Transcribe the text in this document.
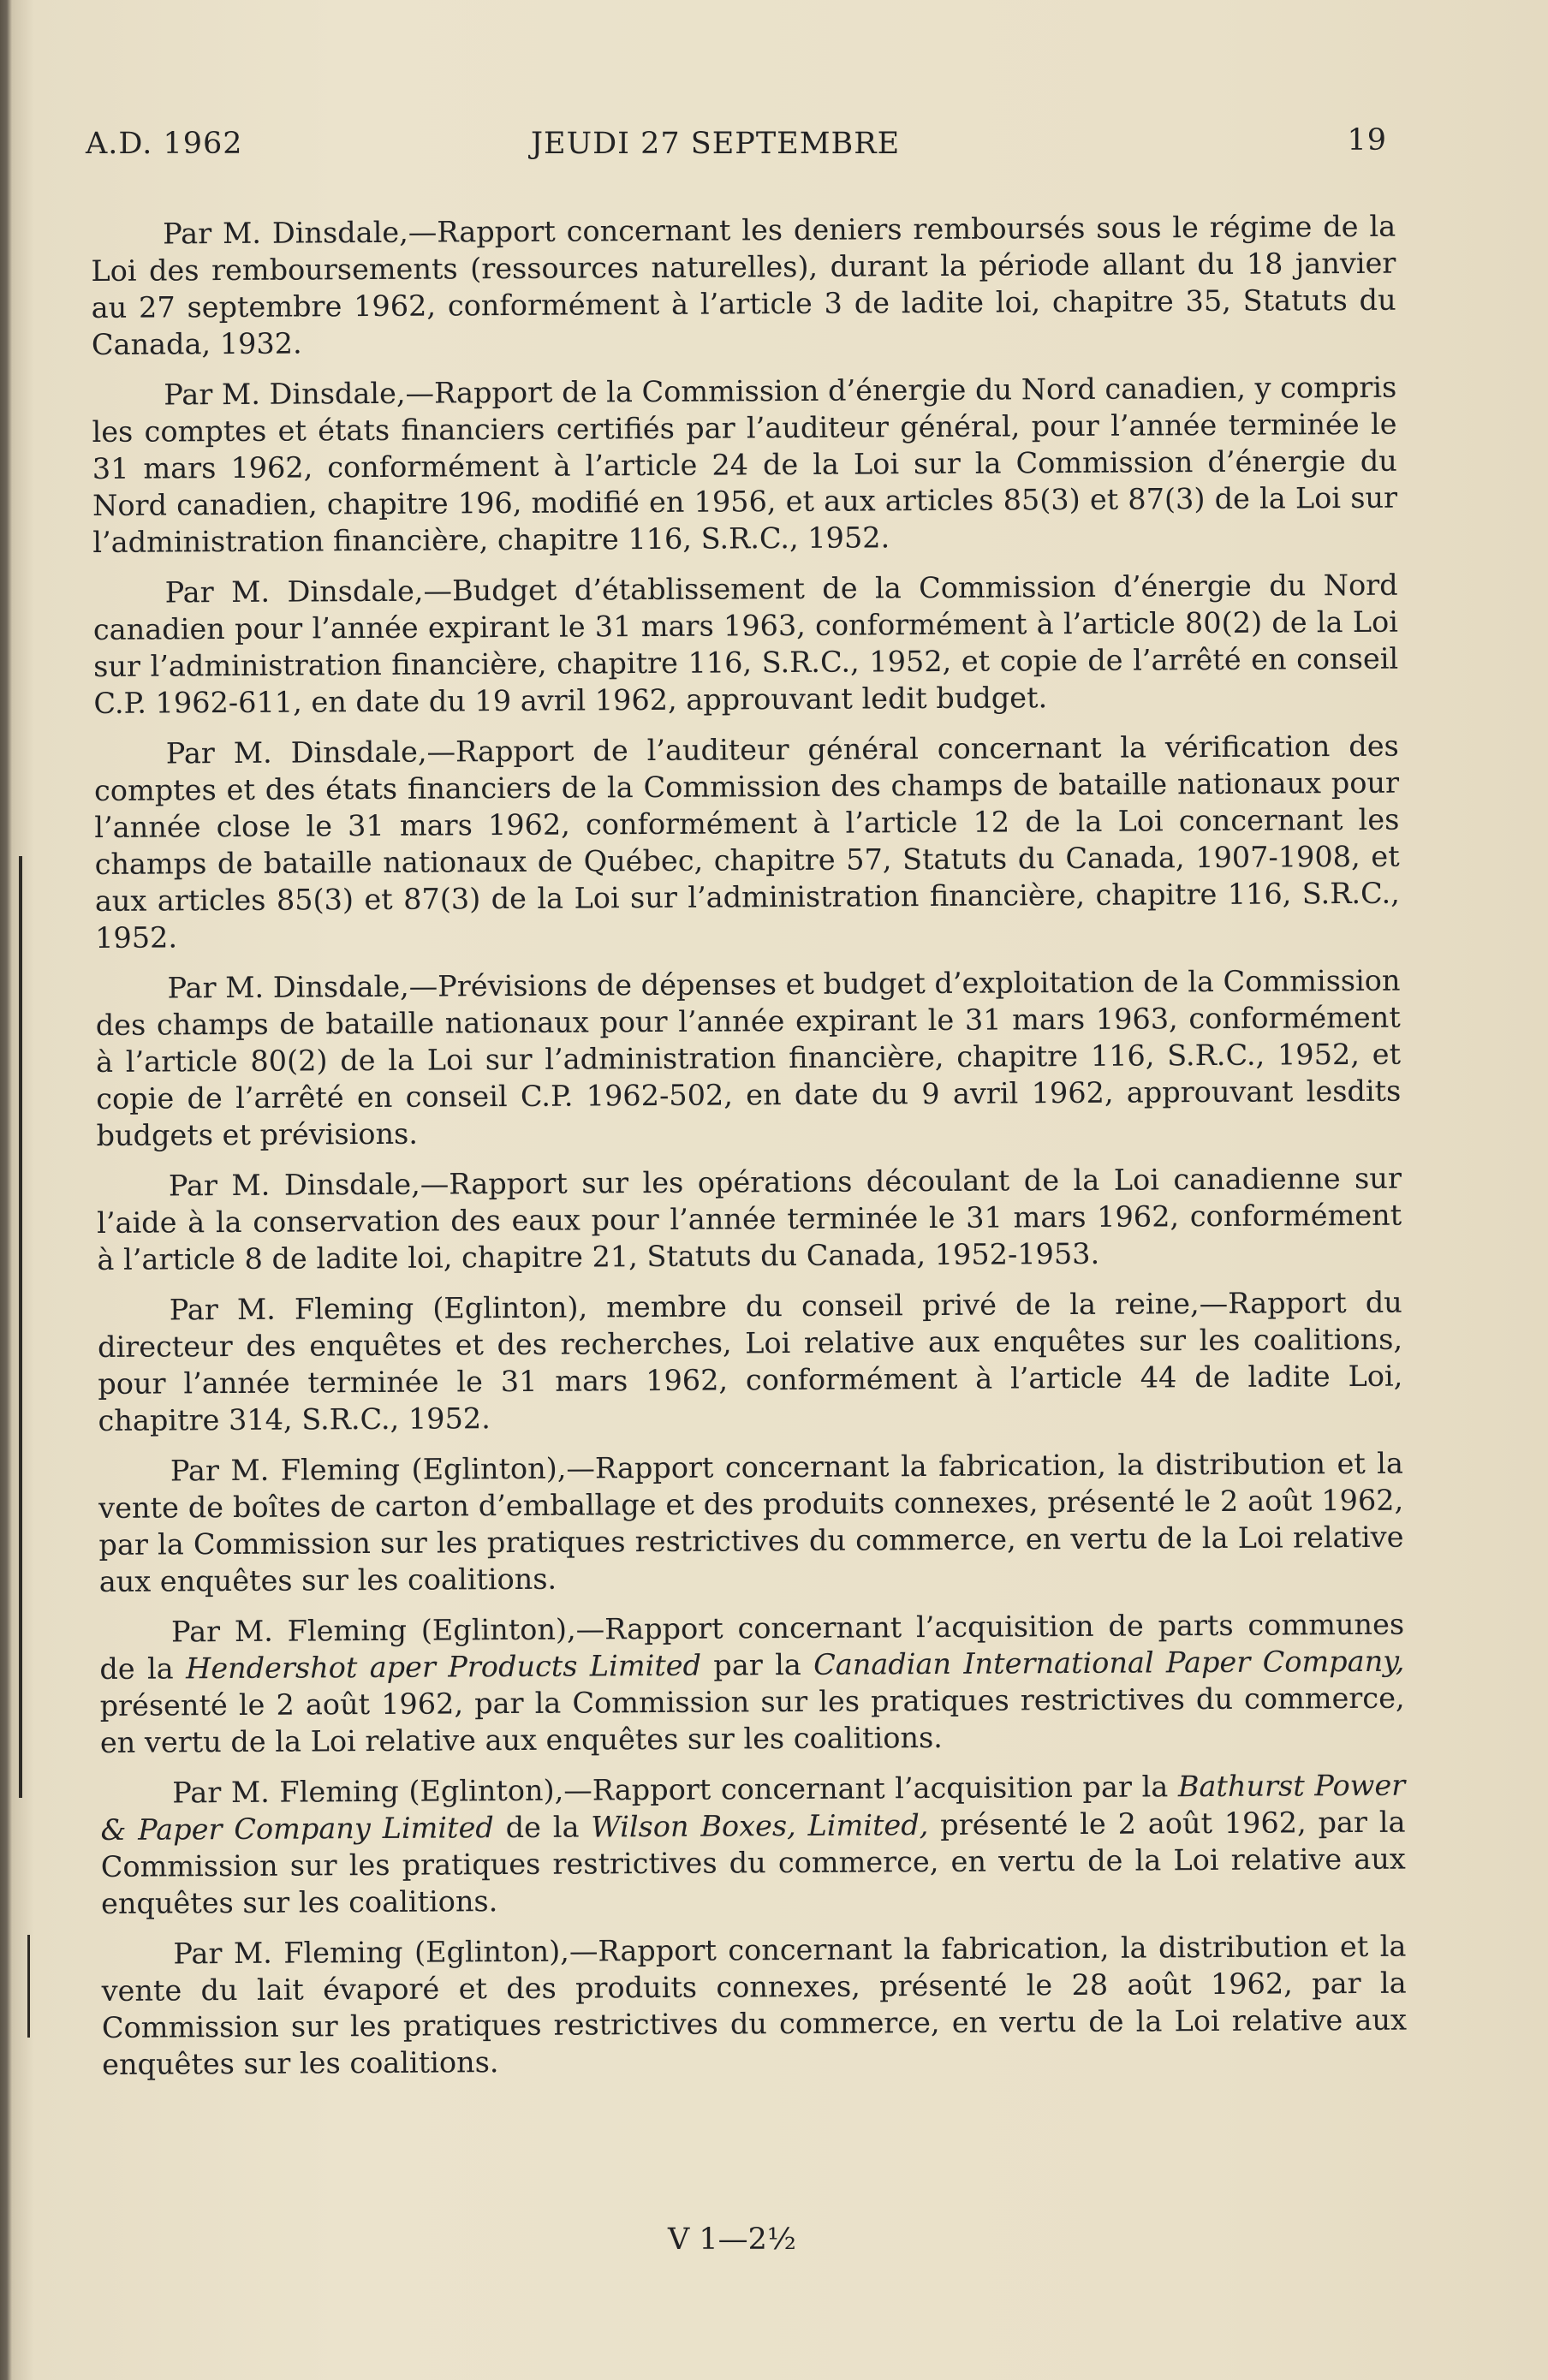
A.D. 1962	JEUDI 27 SEPTEMBRE	19

Par M. Dinsdale,—Rapport concernant les deniers remboursés sous le régime de la Loi des remboursements (ressources naturelles), durant la période allant du 18 janvier au 27 septembre 1962, conformément à l’article 3 de ladite loi, chapitre 35, Statuts du Canada, 1932.

Par M. Dinsdale,—Rapport de la Commission d’énergie du Nord canadien, y compris les comptes et états financiers certifiés par l’auditeur général, pour l’année terminée le 31 mars 1962, conformément à l’article 24 de la Loi sur la Commission d’énergie du Nord canadien, chapitre 196, modifié en 1956, et aux articles 85(3) et 87(3) de la Loi sur l’administration financière, chapitre 116, S.R.C., 1952.

Par M. Dinsdale,—Budget d’établissement de la Commission d’énergie du Nord canadien pour l’année expirant le 31 mars 1963, conformément à l’article 80(2) de la Loi sur l’administration financière, chapitre 116, S.R.C., 1952, et copie de l’arrêté en conseil C.P. 1962-611, en date du 19 avril 1962, approuvant ledit budget.

Par M. Dinsdale,—Rapport de l’auditeur général concernant la vérification des comptes et des états financiers de la Commission des champs de bataille nationaux pour l’année close le 31 mars 1962, conformément à l’article 12 de la Loi concernant les champs de bataille nationaux de Québec, chapitre 57, Statuts du Canada, 1907-1908, et aux articles 85(3) et 87(3) de la Loi sur l’administration financière, chapitre 116, S.R.C., 1952.

Par M. Dinsdale,—Prévisions de dépenses et budget d’exploitation de la Commission des champs de bataille nationaux pour l’année expirant le 31 mars 1963, conformément à l’article 80(2) de la Loi sur l’administration financière, chapitre 116, S.R.C., 1952, et copie de l’arrêté en conseil C.P. 1962-502, en date du 9 avril 1962, approuvant lesdits budgets et prévisions.

Par M. Dinsdale,—Rapport sur les opérations découlant de la Loi canadienne sur l’aide à la conservation des eaux pour l’année terminée le 31 mars 1962, conformément à l’article 8 de ladite loi, chapitre 21, Statuts du Canada, 1952-1953.

Par M. Fleming (Eglinton), membre du conseil privé de la reine,—Rapport du directeur des enquêtes et des recherches, Loi relative aux enquêtes sur les coalitions, pour l’année terminée le 31 mars 1962, conformément à l’article 44 de ladite Loi, chapitre 314, S.R.C., 1952.

Par M. Fleming (Eglinton),—Rapport concernant la fabrication, la distribution et la vente de boîtes de carton d’emballage et des produits connexes, présenté le 2 août 1962, par la Commission sur les pratiques restrictives du commerce, en vertu de la Loi relative aux enquêtes sur les coalitions.

Par M. Fleming (Eglinton),—Rapport concernant l’acquisition de parts communes de la Hendershot aper Products Limited par la Canadian International Paper Company, présenté le 2 août 1962, par la Commission sur les pratiques restrictives du commerce, en vertu de la Loi relative aux enquêtes sur les coalitions.

Par M. Fleming (Eglinton),—Rapport concernant l’acquisition par la Bathurst Power & Paper Company Limited de la Wilson Boxes, Limited, présenté le 2 août 1962, par la Commission sur les pratiques restrictives du commerce, en vertu de la Loi relative aux enquêtes sur les coalitions.

Par M. Fleming (Eglinton),—Rapport concernant la fabrication, la distribution et la vente du lait évaporé et des produits connexes, présenté le 28 août 1962, par la Commission sur les pratiques restrictives du commerce, en vertu de la Loi relative aux enquêtes sur les coalitions.

V 1—2½
